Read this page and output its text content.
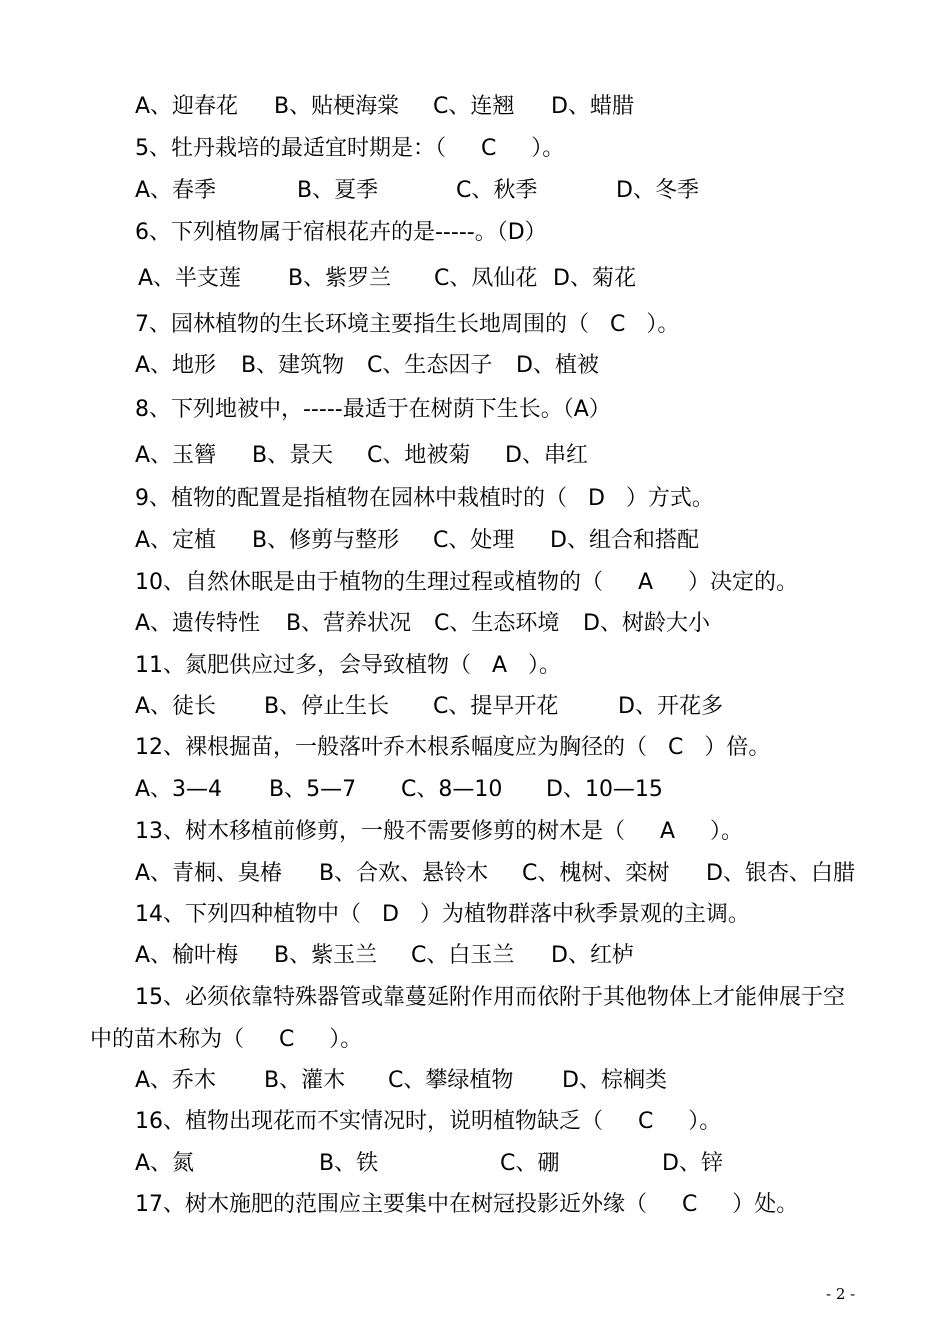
A、迎春花 B、贴梗海棠 C、连翘 D、蜡腊
5、牡丹栽培的最适宜时期是：（     C     ）。
A、春季	B、夏季	C、秋季	D、冬季
6、下列植物属于宿根花卉的是-----。（D）
A、半支莲 B、紫罗兰 C、凤仙花 D、菊花
7、园林植物的生长环境主要指生长地周围的（   C   ）。
A、地形 B、建筑物 C、生态因子 D、植被
8、下列地被中，-----最适于在树荫下生长。（A）
A、玉簪 B、景天 C、地被菊 D、串红
9、植物的配置是指植物在园林中栽植时的（   D   ）方式。
A、定植 B、修剪与整形 C、处理 D、组合和搭配
10、自然休眠是由于植物的生理过程或植物的（     A     ）决定的。
A、遗传特性 B、营养状况 C、生态环境 D、树龄大小
11、氮肥供应过多，会导致植物（   A   ）。
A、徒长 B、停止生长 C、提早开花	D、开花多
12、裸根掘苗，一般落叶乔木根系幅度应为胸径的（   C   ）倍。
A、3—4 B、5—7 C、8—10 D、10—15
13、树木移植前修剪，一般不需要修剪的树木是（     A     ）。
A、青桐、臭椿 B、合欢、悬铃木 C、槐树、栾树 D、银杏、白腊
14、下列四种植物中（   D   ）为植物群落中秋季景观的主调。
A、榆叶梅 B、紫玉兰 C、白玉兰 D、红栌
15、必须依靠特殊器管或靠蔓延附作用而依附于其他物体上才能伸展于空
中的苗木称为（     C     ）。
A、乔木 B、灌木 C、攀绿植物 D、棕榈类
16、植物出现花而不实情况时，说明植物缺乏（     C     ）。
A、氮	B、铁	C、硼	D、锌
17、树木施肥的范围应主要集中在树冠投影近外缘（     C     ）处。
- 2 -
